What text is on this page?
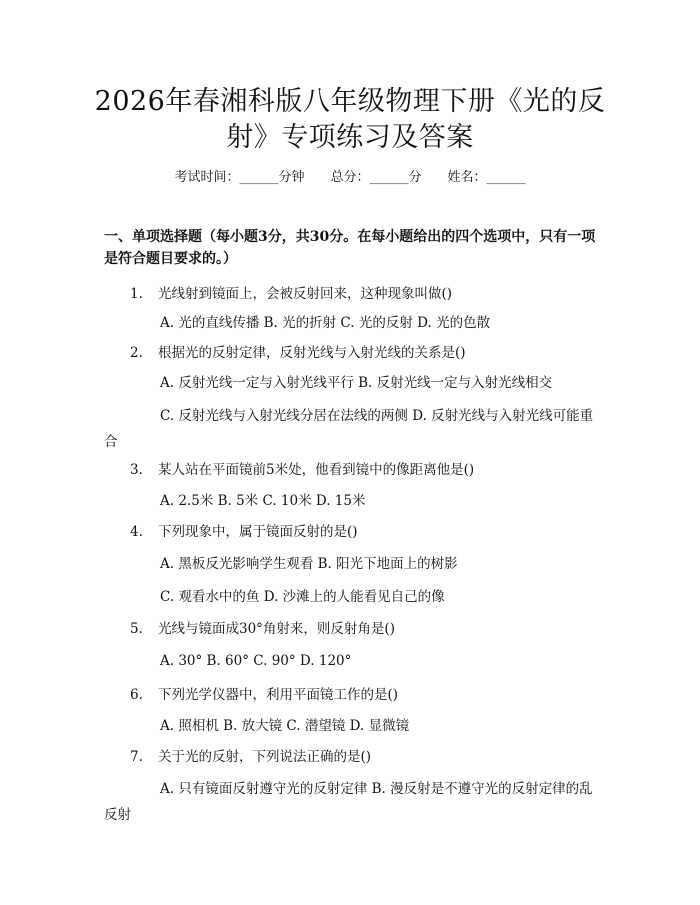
2026年春湘科版八年级物理下册《光的反射》专项练习及答案
考试时间：______分钟 总分：______分 姓名：______
一、单项选择题（每小题3分，共30分。在每小题给出的四个选项中，只有一项是符合题目要求的。）
1. 光线射到镜面上，会被反射回来，这种现象叫做()
A. 光的直线传播 B. 光的折射 C. 光的反射 D. 光的色散
2. 根据光的反射定律，反射光线与入射光线的关系是()
A. 反射光线一定与入射光线平行 B. 反射光线一定与入射光线相交
C. 反射光线与入射光线分居在法线的两侧 D. 反射光线与入射光线可能重合
3. 某人站在平面镜前5米处，他看到镜中的像距离他是()
A. 2.5米 B. 5米 C. 10米 D. 15米
4. 下列现象中，属于镜面反射的是()
A. 黑板反光影响学生观看 B. 阳光下地面上的树影
C. 观看水中的鱼 D. 沙滩上的人能看见自己的像
5. 光线与镜面成30°角射来，则反射角是()
A. 30° B. 60° C. 90° D. 120°
6. 下列光学仪器中，利用平面镜工作的是()
A. 照相机 B. 放大镜 C. 潜望镜 D. 显微镜
7. 关于光的反射，下列说法正确的是()
A. 只有镜面反射遵守光的反射定律 B. 漫反射是不遵守光的反射定律的乱反射
